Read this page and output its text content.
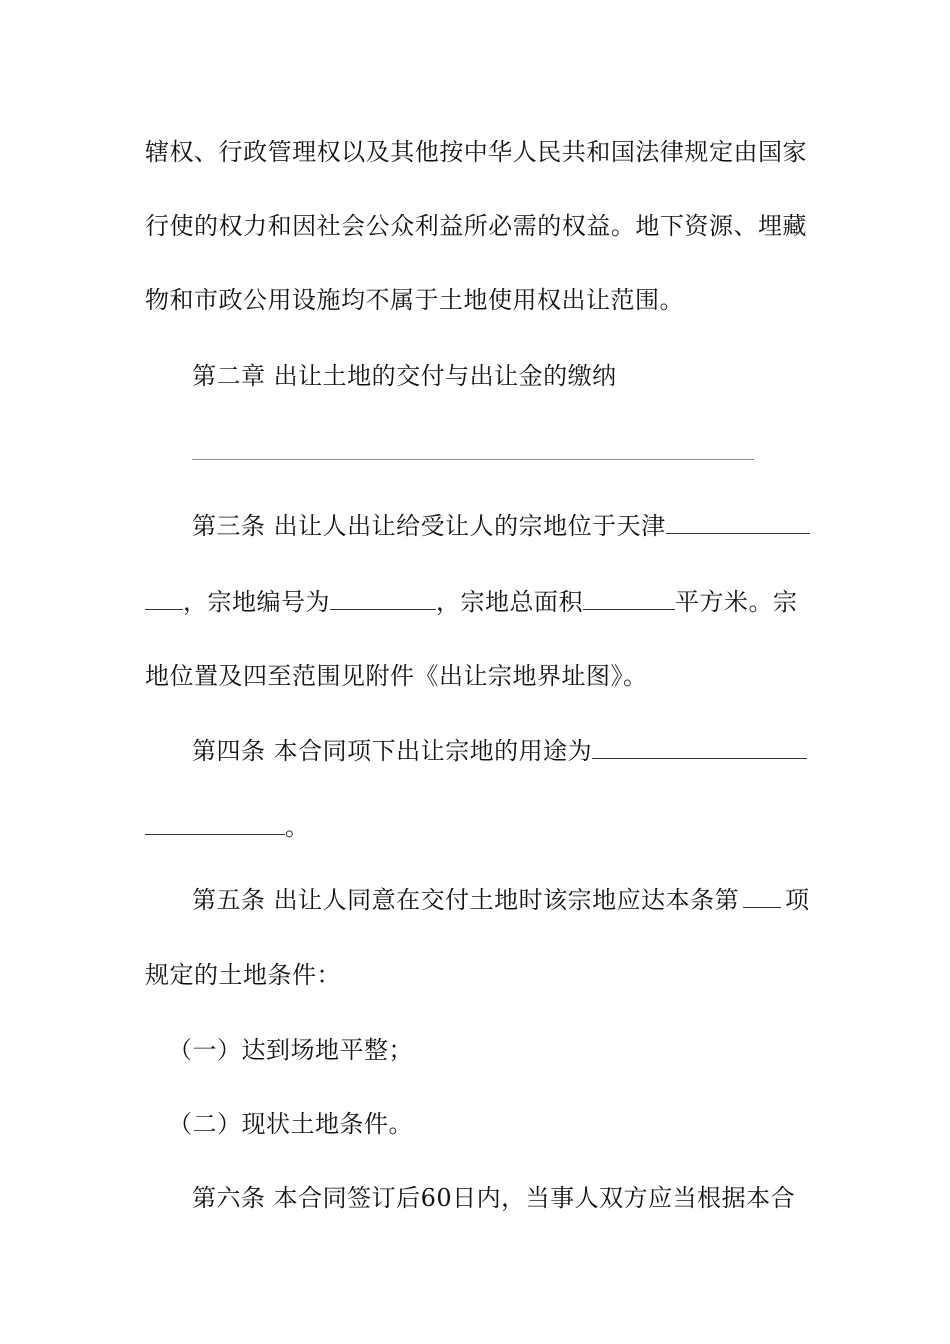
辖权、行政管理权以及其他按中华人民共和国法律规定由国家
行使的权力和因社会公众利益所必需的权益。地下资源、埋藏
物和市政公用设施均不属于土地使用权出让范围。
第二章 出让土地的交付与出让金的缴纳
第三条 出让人出让给受让人的宗地位于天津
，宗地编号为	，宗地总面积	平方米。宗
地位置及四至范围见附件《出让宗地界址图》。
第四条 本合同项下出让宗地的用途为
。
第五条 出让人同意在交付土地时该宗地应达本条第 项
规定的土地条件：
（一）达到场地平整；
（二）现状土地条件。
第六条 本合同签订后60日内，当事人双方应当根据本合
